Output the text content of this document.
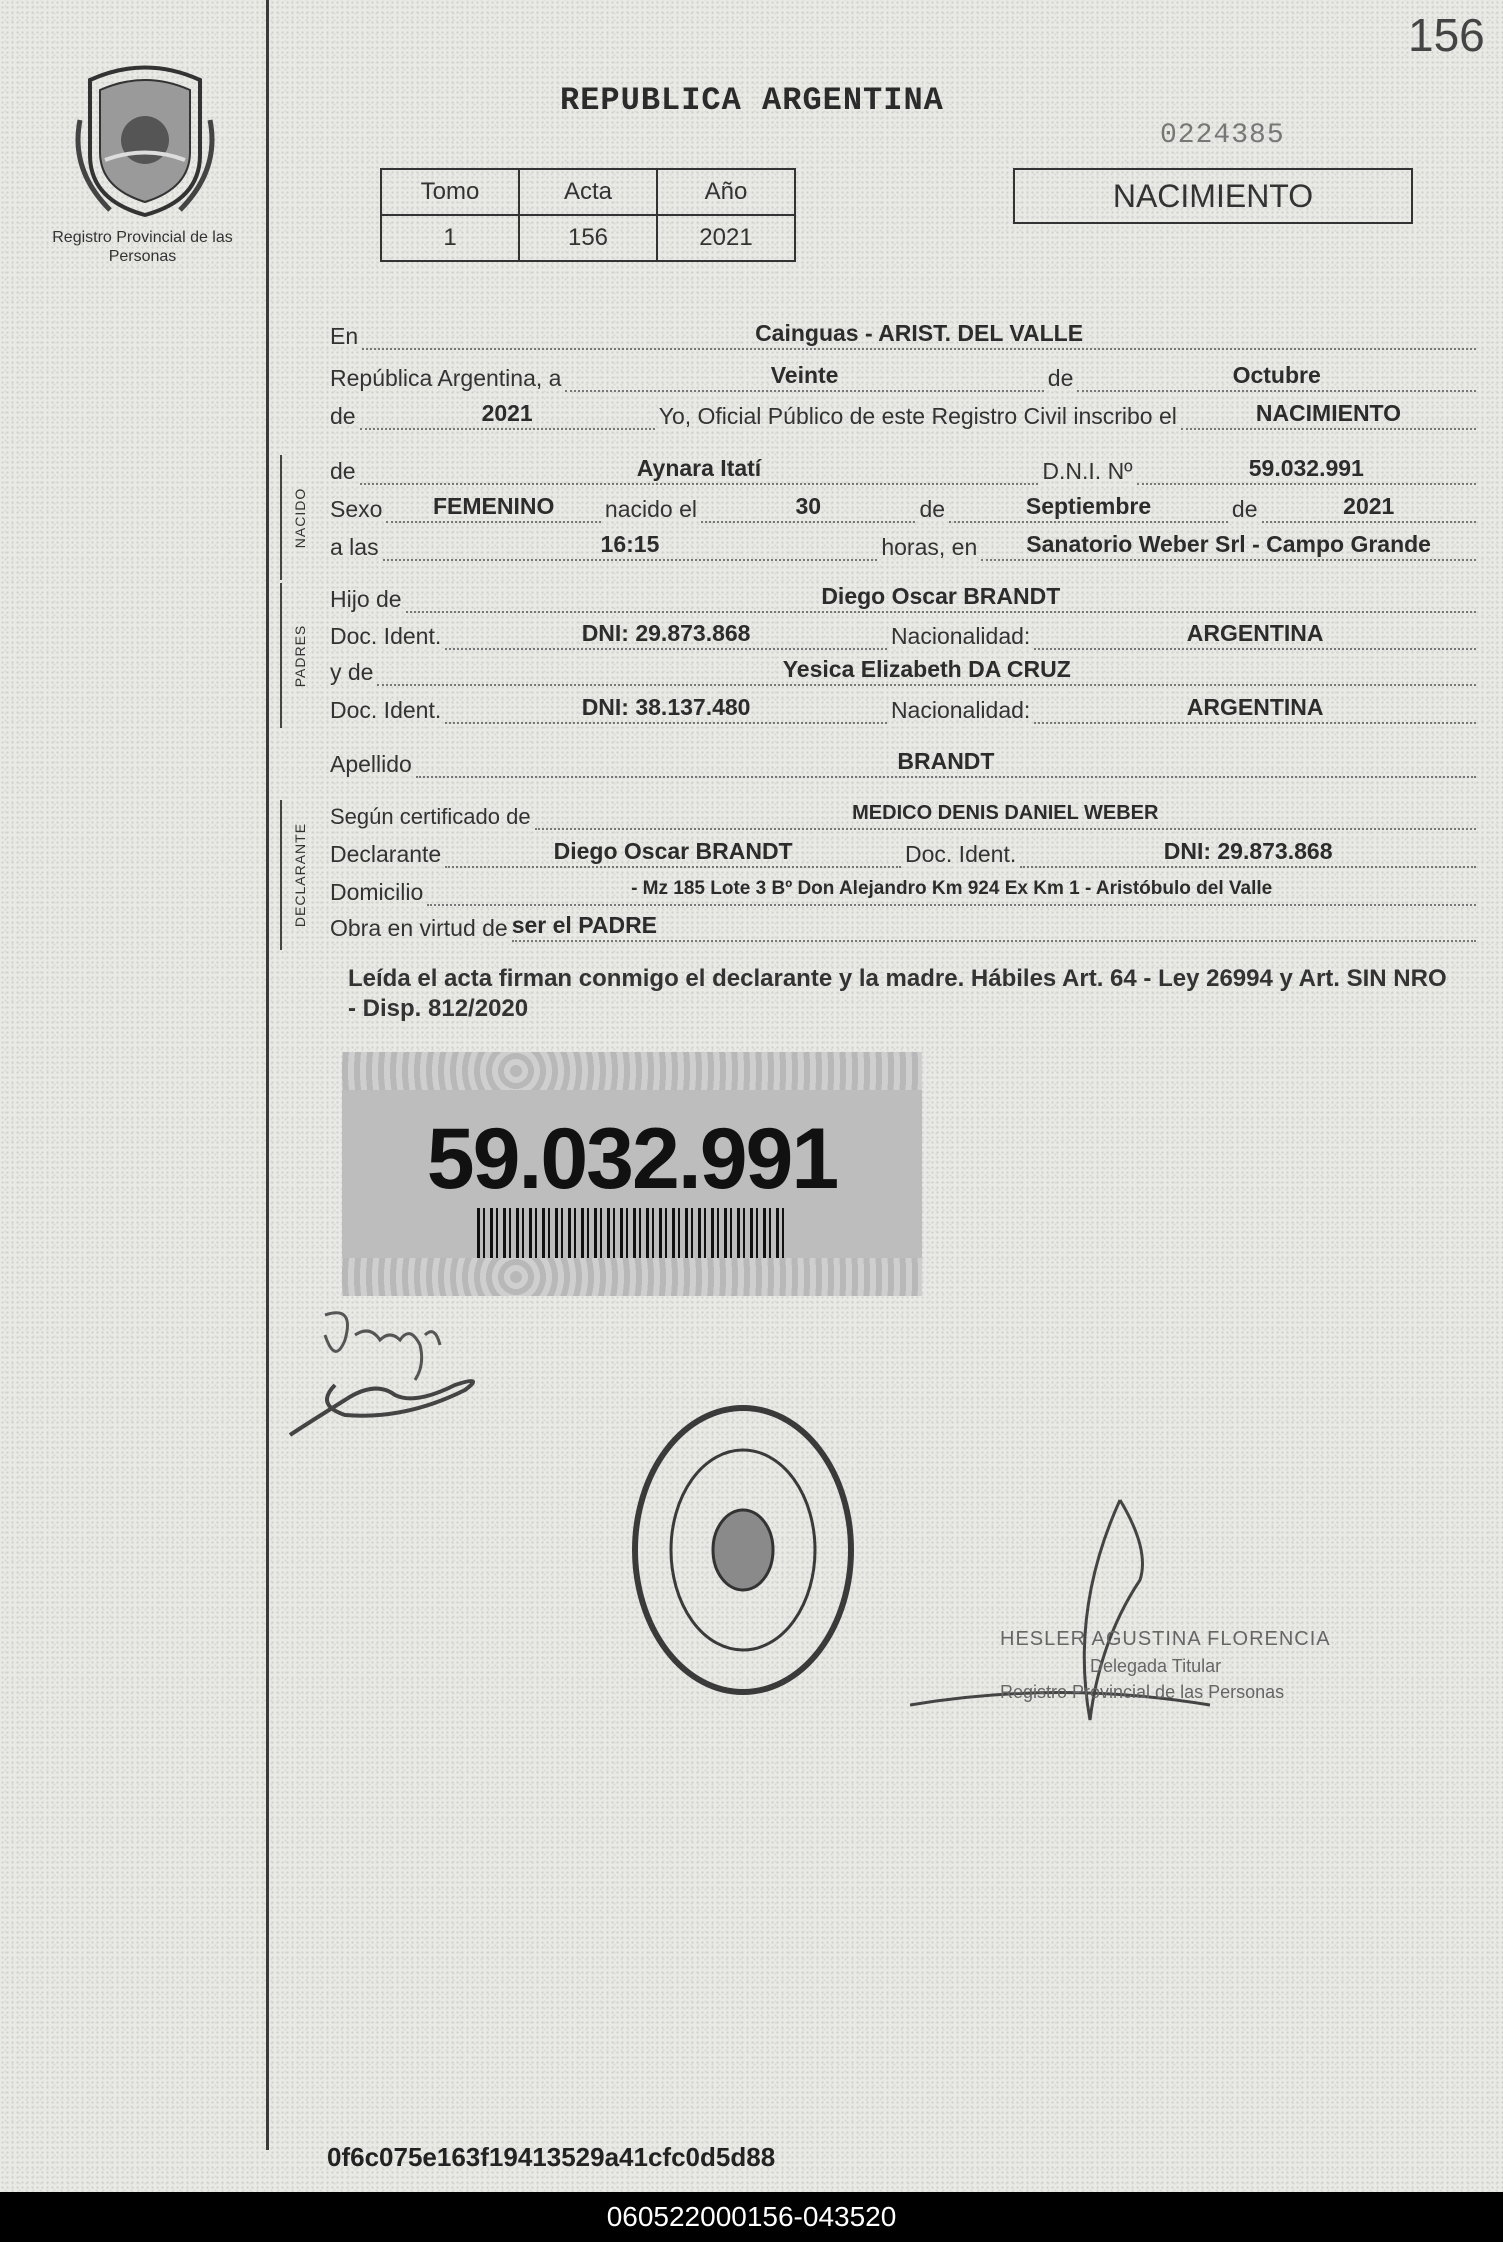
156
Registro Provincial de las Personas
REPUBLICA ARGENTINA
0224385
Tomo	Acta	Año
1	156	2021
NACIMIENTO
NACIDO
PADRES
DECLARANTE
En	Cainguas - ARIST. DEL VALLE
República Argentina, a	Veinte	de	Octubre
de	2021	Yo, Oficial Público de este Registro Civil inscribo el	NACIMIENTO
de	Aynara Itatí	D.N.I. Nº	59.032.991
Sexo	FEMENINO	nacido el	30	de	Septiembre	de	2021
a las	16:15	horas, en	Sanatorio Weber Srl - Campo Grande
Hijo de	Diego Oscar BRANDT
Doc. Ident.	DNI: 29.873.868	Nacionalidad:	ARGENTINA
y de	Yesica Elizabeth DA CRUZ
Doc. Ident.	DNI: 38.137.480	Nacionalidad:	ARGENTINA
Apellido	BRANDT
Según certificado de	MEDICO DENIS DANIEL WEBER
Declarante	Diego Oscar BRANDT	Doc. Ident.	DNI: 29.873.868
Domicilio	- Mz 185 Lote 3 Bº Don Alejandro Km 924 Ex Km 1 - Aristóbulo del Valle
Obra en virtud de ser el PADRE
Leída el acta firman conmigo el declarante y la madre. Hábiles Art. 64 - Ley 26994 y Art. SIN NRO - Disp. 812/2020
59.032.991
HESLER AGUSTINA FLORENCIA
Delegada Titular
Registro Provincial de las Personas
0f6c075e163f19413529a41cfc0d5d88
060522000156-043520
